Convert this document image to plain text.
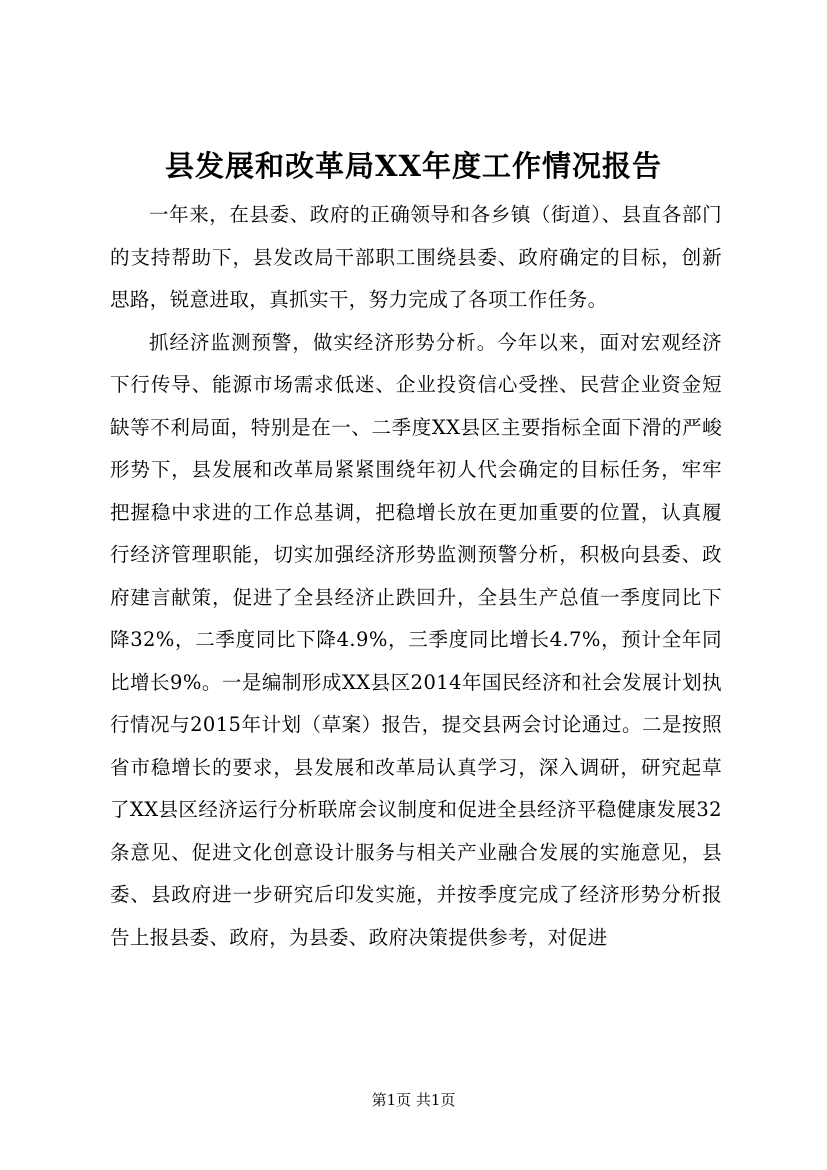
县发展和改革局XX年度工作情况报告

一年来，在县委、政府的正确领导和各乡镇（街道）、县直各部门的支持帮助下，县发改局干部职工围绕县委、政府确定的目标，创新思路，锐意进取，真抓实干，努力完成了各项工作任务。

抓经济监测预警，做实经济形势分析。今年以来，面对宏观经济下行传导、能源市场需求低迷、企业投资信心受挫、民营企业资金短缺等不利局面，特别是在一、二季度XX县区主要指标全面下滑的严峻形势下，县发展和改革局紧紧围绕年初人代会确定的目标任务，牢牢把握稳中求进的工作总基调，把稳增长放在更加重要的位置，认真履行经济管理职能，切实加强经济形势监测预警分析，积极向县委、政府建言献策，促进了全县经济止跌回升，全县生产总值一季度同比下降32%，二季度同比下降4.9%，三季度同比增长4.7%，预计全年同比增长9%。一是编制形成XX县区2014年国民经济和社会发展计划执行情况与2015年计划（草案）报告，提交县两会讨论通过。二是按照省市稳增长的要求，县发展和改革局认真学习，深入调研，研究起草了XX县区经济运行分析联席会议制度和促进全县经济平稳健康发展32条意见、促进文化创意设计服务与相关产业融合发展的实施意见，县委、县政府进一步研究后印发实施，并按季度完成了经济形势分析报告上报县委、政府，为县委、政府决策提供参考，对促进

第1页 共1页
